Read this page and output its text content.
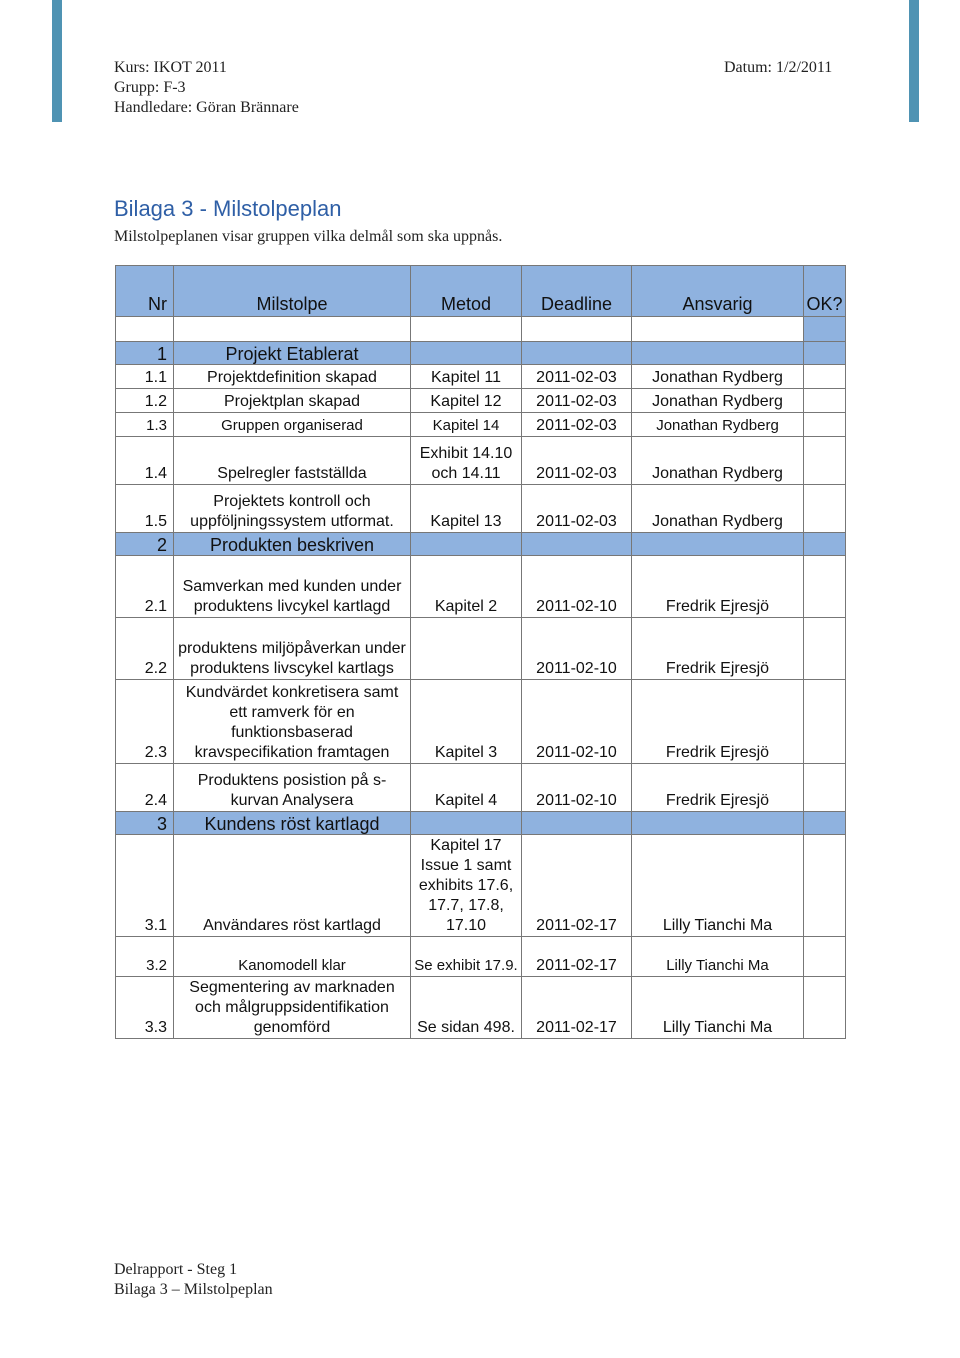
Kurs: IKOT 2011	Datum: 1/2/2011
Grupp: F-3
Handledare: Göran Brännare
Bilaga 3 - Milstolpeplan
Milstolpeplanen visar gruppen vilka delmål som ska uppnås.
Nr	Milstolpe	Metod	Deadline	Ansvarig	OK?

1	Projekt Etablerat				
1.1	Projektdefinition skapad	Kapitel 11	2011-02-03	Jonathan Rydberg	
1.2	Projektplan skapad	Kapitel 12	2011-02-03	Jonathan Rydberg	
1.3	Gruppen organiserad	Kapitel 14	2011-02-03	Jonathan Rydberg	
1.4	Spelregler fastställda	Exhibit 14.10 och 14.11	2011-02-03	Jonathan Rydberg	
1.5	Projektets kontroll och uppföljningssystem utformat.	Kapitel 13	2011-02-03	Jonathan Rydberg	
2	Produkten beskriven				
2.1	Samverkan med kunden under produktens livcykel kartlagd	Kapitel 2	2011-02-10	Fredrik Ejresjö	
2.2	produktens miljöpåverkan under produktens livscykel kartlags		2011-02-10	Fredrik Ejresjö	
2.3	Kundvärdet konkretisera samt ett ramverk för en funktionsbaserad kravspecifikation framtagen	Kapitel 3	2011-02-10	Fredrik Ejresjö	
2.4	Produktens posistion på s-kurvan Analysera	Kapitel 4	2011-02-10	Fredrik Ejresjö	
3	Kundens röst kartlagd				
3.1	Användares röst kartlagd	Kapitel 17 Issue 1 samt exhibits 17.6, 17.7, 17.8, 17.10	2011-02-17	Lilly Tianchi Ma	
3.2	Kanomodell klar	Se exhibit 17.9.	2011-02-17	Lilly Tianchi Ma	
3.3	Segmentering av marknaden och målgruppsidentifikation genomförd	Se sidan 498.	2011-02-17	Lilly Tianchi Ma	
Delrapport - Steg 1
Bilaga 3 – Milstolpeplan
